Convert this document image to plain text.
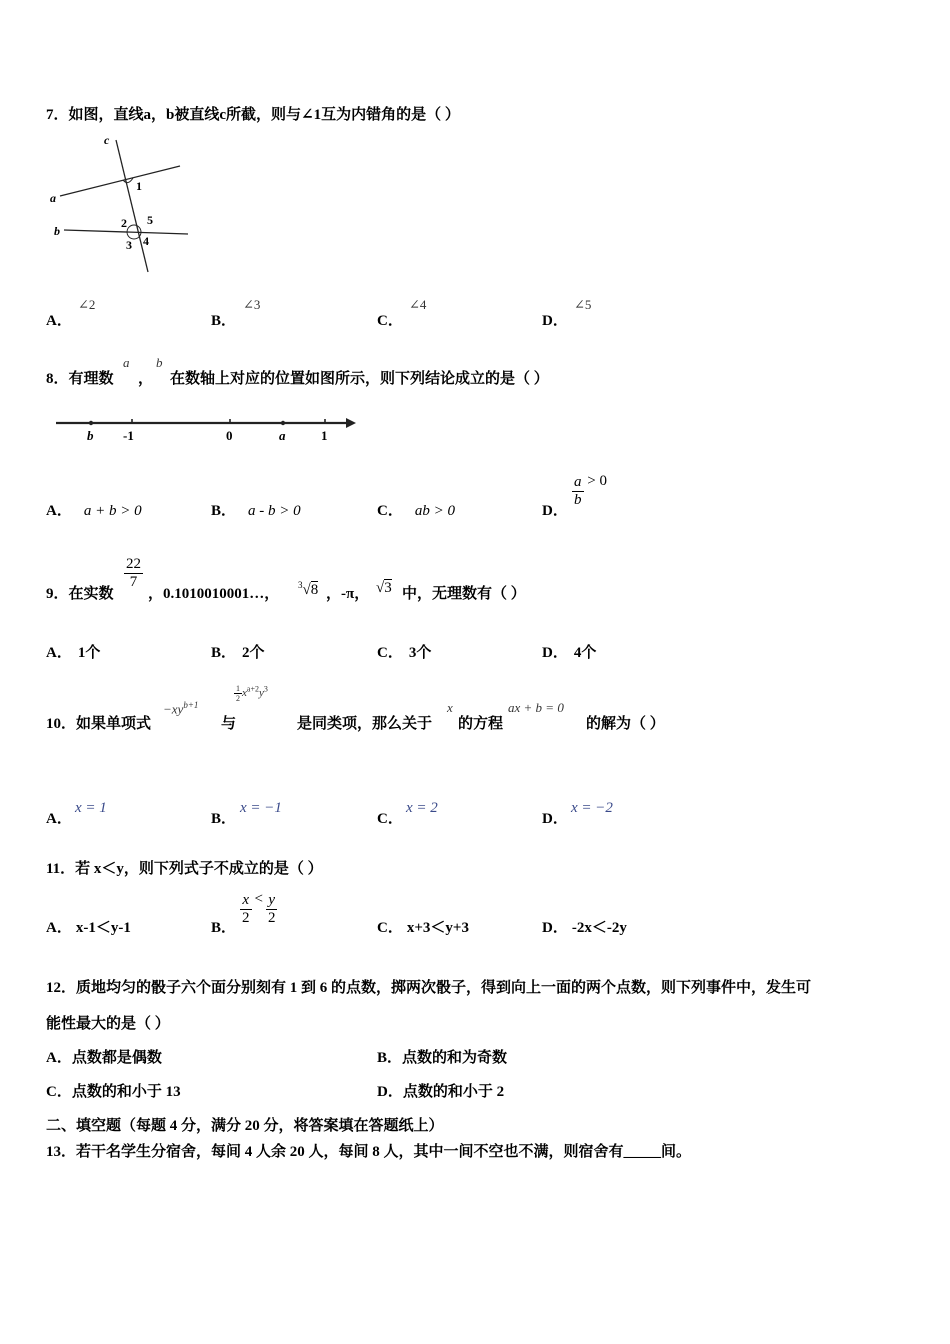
7．如图，直线a，b被直线c所截，则与∠1互为内错角的是（ ）
c
a
b
1
2
3 4
5
A．
∠2
B．
∠3
C．
∠4
D．
∠5
8．有理数
a
，
b
在数轴上对应的位置如图所示，则下列结论成立的是（ ）
b -1	0	a	1
A． a + b > 0	B． a - b > 0	C． ab > 0	D．
$\frac{a}{b} > 0$
9．在实数
$\frac{22}{7}$
，0.1010010001…，
$^3$√8 ，-π， √3 中，无理数有（ ）
A． 1个	B． 2个	C． 3个	D． 4个
10．如果单项式
$-xy^{b+1}$
与
$\frac{1}{2} x^{a+2}y^3$
是同类项，那么关于
x
的方程
ax + b = 0
的解为（ ）
A．
x = 1
B．
x = −1
C．
x = 2
D．
x = −2
11．若 x＜y，则下列式子不成立的是（ ）
A． x-1＜y-1	B．
$\frac{x}{2} < \frac{y}{2}$
C． x+3＜y+3	D． -2x＜-2y
12．质地均匀的骰子六个面分别刻有 1 到 6 的点数，掷两次骰子，得到向上一面的两个点数，则下列事件中，发生可
能性最大的是（ ）
A．点数都是偶数	B．点数的和为奇数
C．点数的和小于 13	D．点数的和小于 2
二、填空题（每题 4 分，满分 20 分，将答案填在答题纸上）
13．若干名学生分宿舍，每间 4 人余 20 人，每间 8 人，其中一间不空也不满，则宿舍有_____间。
